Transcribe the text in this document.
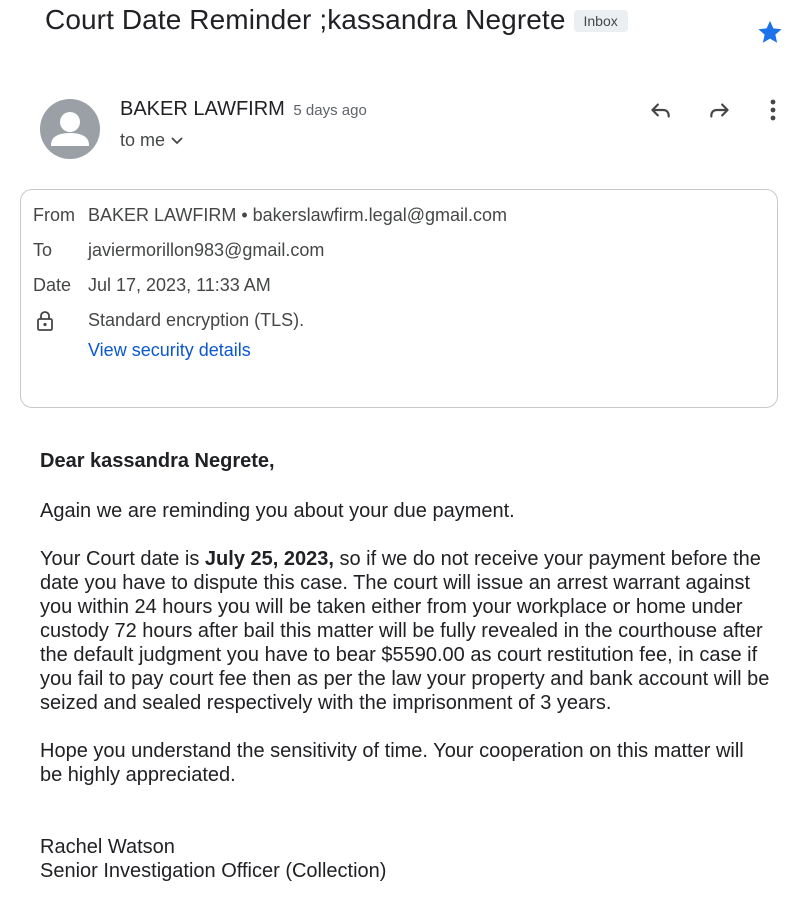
Court Date Reminder ;kassandra Negrete	Inbox
BAKER LAWFIRM 5 days ago
to me
From BAKER LAWFIRM • bakerslawfirm.legal@gmail.com
To javiermorillon983@gmail.com
Date Jul 17, 2023, 11:33 AM
Standard encryption (TLS).
View security details
Dear kassandra Negrete,
Again we are reminding you about your due payment.
Your Court date is July 25, 2023, so if we do not receive your payment before the date you have to dispute this case. The court will issue an arrest warrant against you within 24 hours you will be taken either from your workplace or home under custody 72 hours after bail this matter will be fully revealed in the courthouse after the default judgment you have to bear $5590.00 as court restitution fee, in case if you fail to pay court fee then as per the law your property and bank account will be seized and sealed respectively with the imprisonment of 3 years.
Hope you understand the sensitivity of time. Your cooperation on this matter will be highly appreciated.
Rachel Watson
Senior Investigation Officer (Collection)
